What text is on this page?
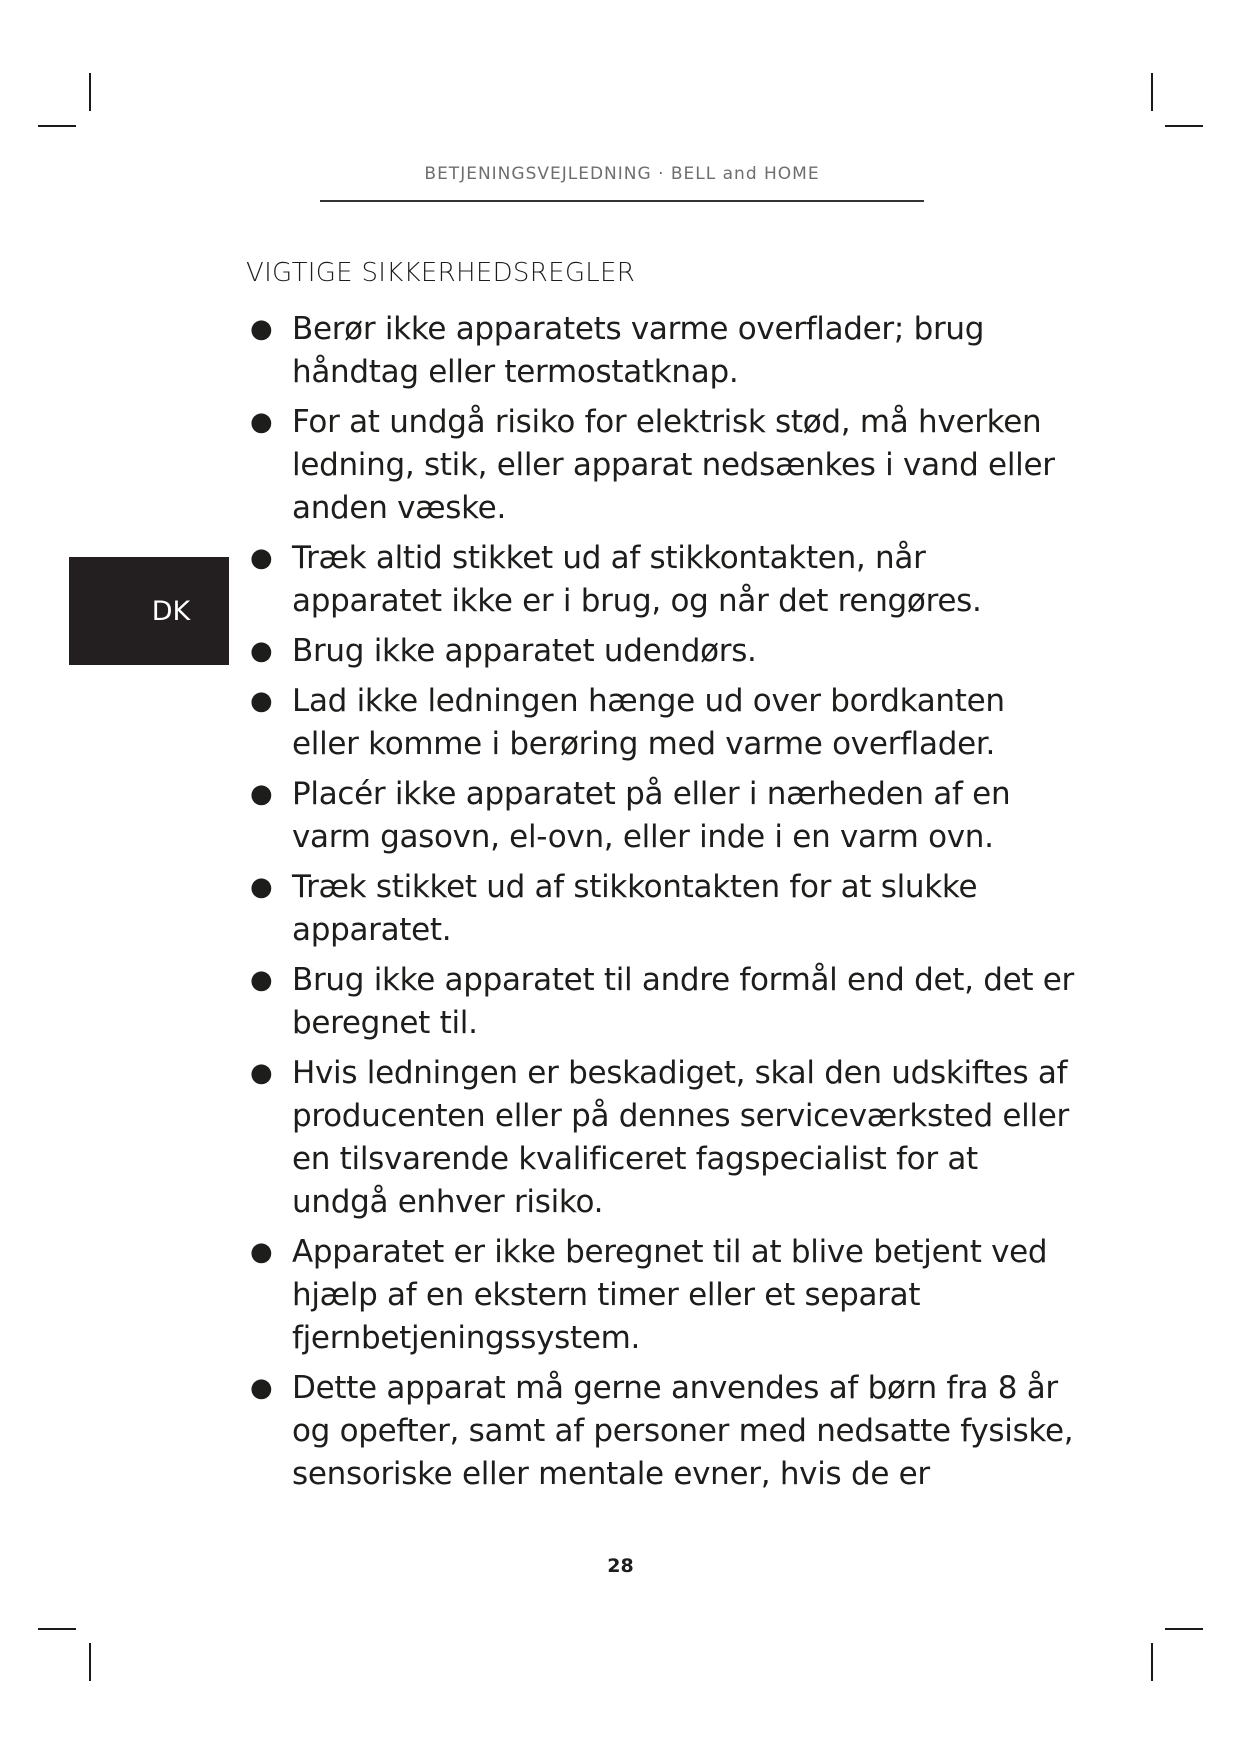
BETJENINGSVEJLEDNING · BELL and HOME
VIGTIGE SIKKERHEDSREGLER
DK
● Berør ikke apparatets varme overflader; brug håndtag eller termostatknap.
● For at undgå risiko for elektrisk stød, må hverken ledning, stik, eller apparat nedsænkes i vand eller anden væske.
● Træk altid stikket ud af stikkontakten, når apparatet ikke er i brug, og når det rengøres.
● Brug ikke apparatet udendørs.
● Lad ikke ledningen hænge ud over bordkanten eller komme i berøring med varme overflader.
● Placér ikke apparatet på eller i nærheden af en varm gasovn, el-ovn, eller inde i en varm ovn.
● Træk stikket ud af stikkontakten for at slukke apparatet.
● Brug ikke apparatet til andre formål end det, det er beregnet til.
● Hvis ledningen er beskadiget, skal den udskiftes af producenten eller på dennes serviceværksted eller en tilsvarende kvalificeret fagspecialist for at undgå enhver risiko.
● Apparatet er ikke beregnet til at blive betjent ved hjælp af en ekstern timer eller et separat fjernbetjeningssystem.
● Dette apparat må gerne anvendes af børn fra 8 år og opefter, samt af personer med nedsatte fysiske, sensoriske eller mentale evner, hvis de er
28
